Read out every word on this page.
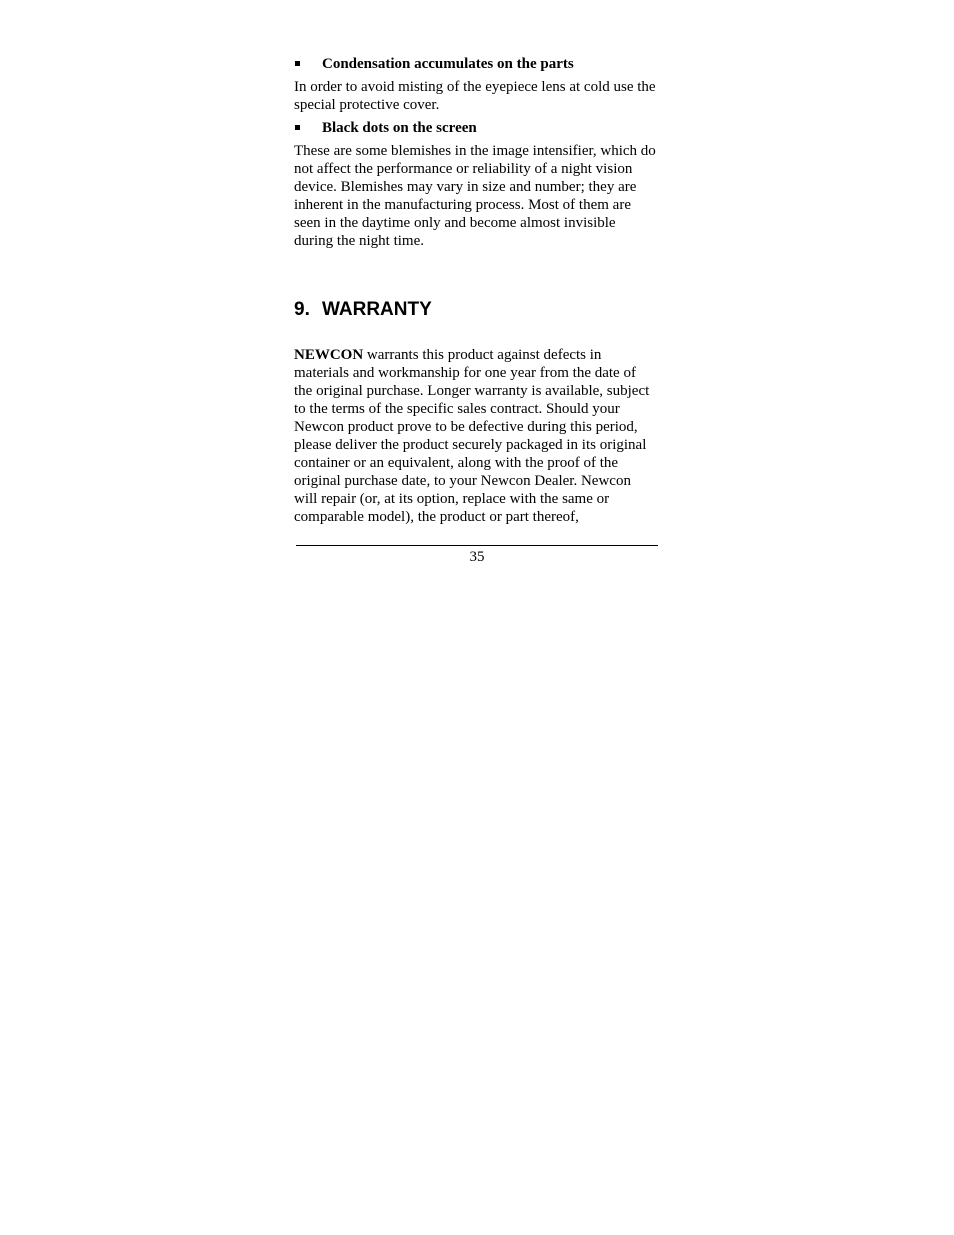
Condensation accumulates on the parts

In order to avoid misting of the eyepiece lens at cold use the special protective cover.

Black dots on the screen

These are some blemishes in the image intensifier, which do not affect the performance or reliability of a night vision device. Blemishes may vary in size and number; they are inherent in the manufacturing process. Most of them are seen in the daytime only and become almost invisible during the night time.

9. WARRANTY

NEWCON warrants this product against defects in materials and workmanship for one year from the date of the original purchase. Longer warranty is available, subject to the terms of the specific sales contract. Should your Newcon product prove to be defective during this period, please deliver the product securely packaged in its original container or an equivalent, along with the proof of the original purchase date, to your Newcon Dealer. Newcon will repair (or, at its option, replace with the same or comparable model), the product or part thereof,

35
